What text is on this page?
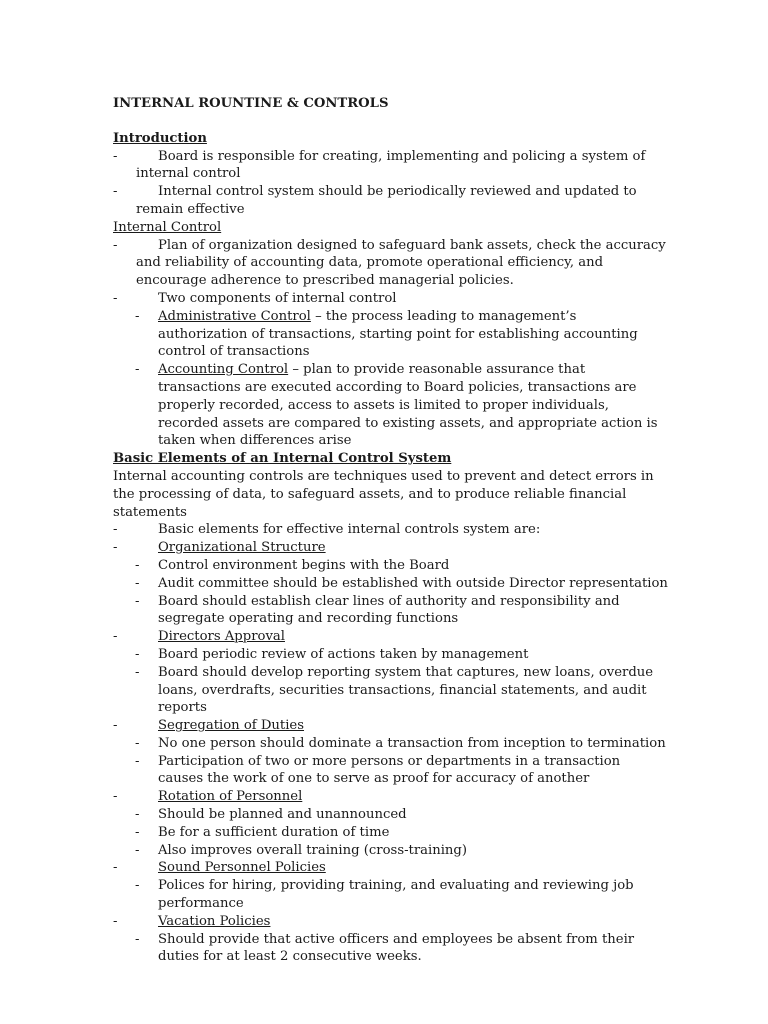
INTERNAL ROUNTINE & CONTROLS
Introduction
-	Board is responsible for creating, implementing and policing a system of internal control
-	Internal control system should be periodically reviewed and updated to remain effective
Internal Control
-	Plan of organization designed to safeguard bank assets, check the accuracy and reliability of accounting data, promote operational efficiency, and encourage adherence to prescribed managerial policies.
-	Two components of internal control
- Administrative Control – the process leading to management’s authorization of transactions, starting point for establishing accounting control of transactions
- Accounting Control – plan to provide reasonable assurance that transactions are executed according to Board policies, transactions are properly recorded, access to assets is limited to proper individuals, recorded assets are compared to existing assets, and appropriate action is taken when differences arise
Basic Elements of an Internal Control System

Internal accounting controls are techniques used to prevent and detect errors in the processing of data, to safeguard assets, and to produce reliable financial statements

-	Basic elements for effective internal controls system are:
-	Organizational Structure
- Control environment begins with the Board
- Audit committee should be established with outside Director representation
- Board should establish clear lines of authority and responsibility and segregate operating and recording functions
-	Directors Approval
- Board periodic review of actions taken by management
- Board should develop reporting system that captures, new loans, overdue loans, overdrafts, securities transactions, financial statements, and audit reports
-	Segregation of Duties
- No one person should dominate a transaction from inception to termination
- Participation of two or more persons or departments in a transaction causes the work of one to serve as proof for accuracy of another
-	Rotation of Personnel
- Should be planned and unannounced
- Be for a sufficient duration of time
- Also improves overall training (cross-training)
-	Sound Personnel Policies
- Polices for hiring, providing training, and evaluating and reviewing job performance
-	Vacation Policies
- Should provide that active officers and employees be absent from their duties for at least 2 consecutive weeks.
